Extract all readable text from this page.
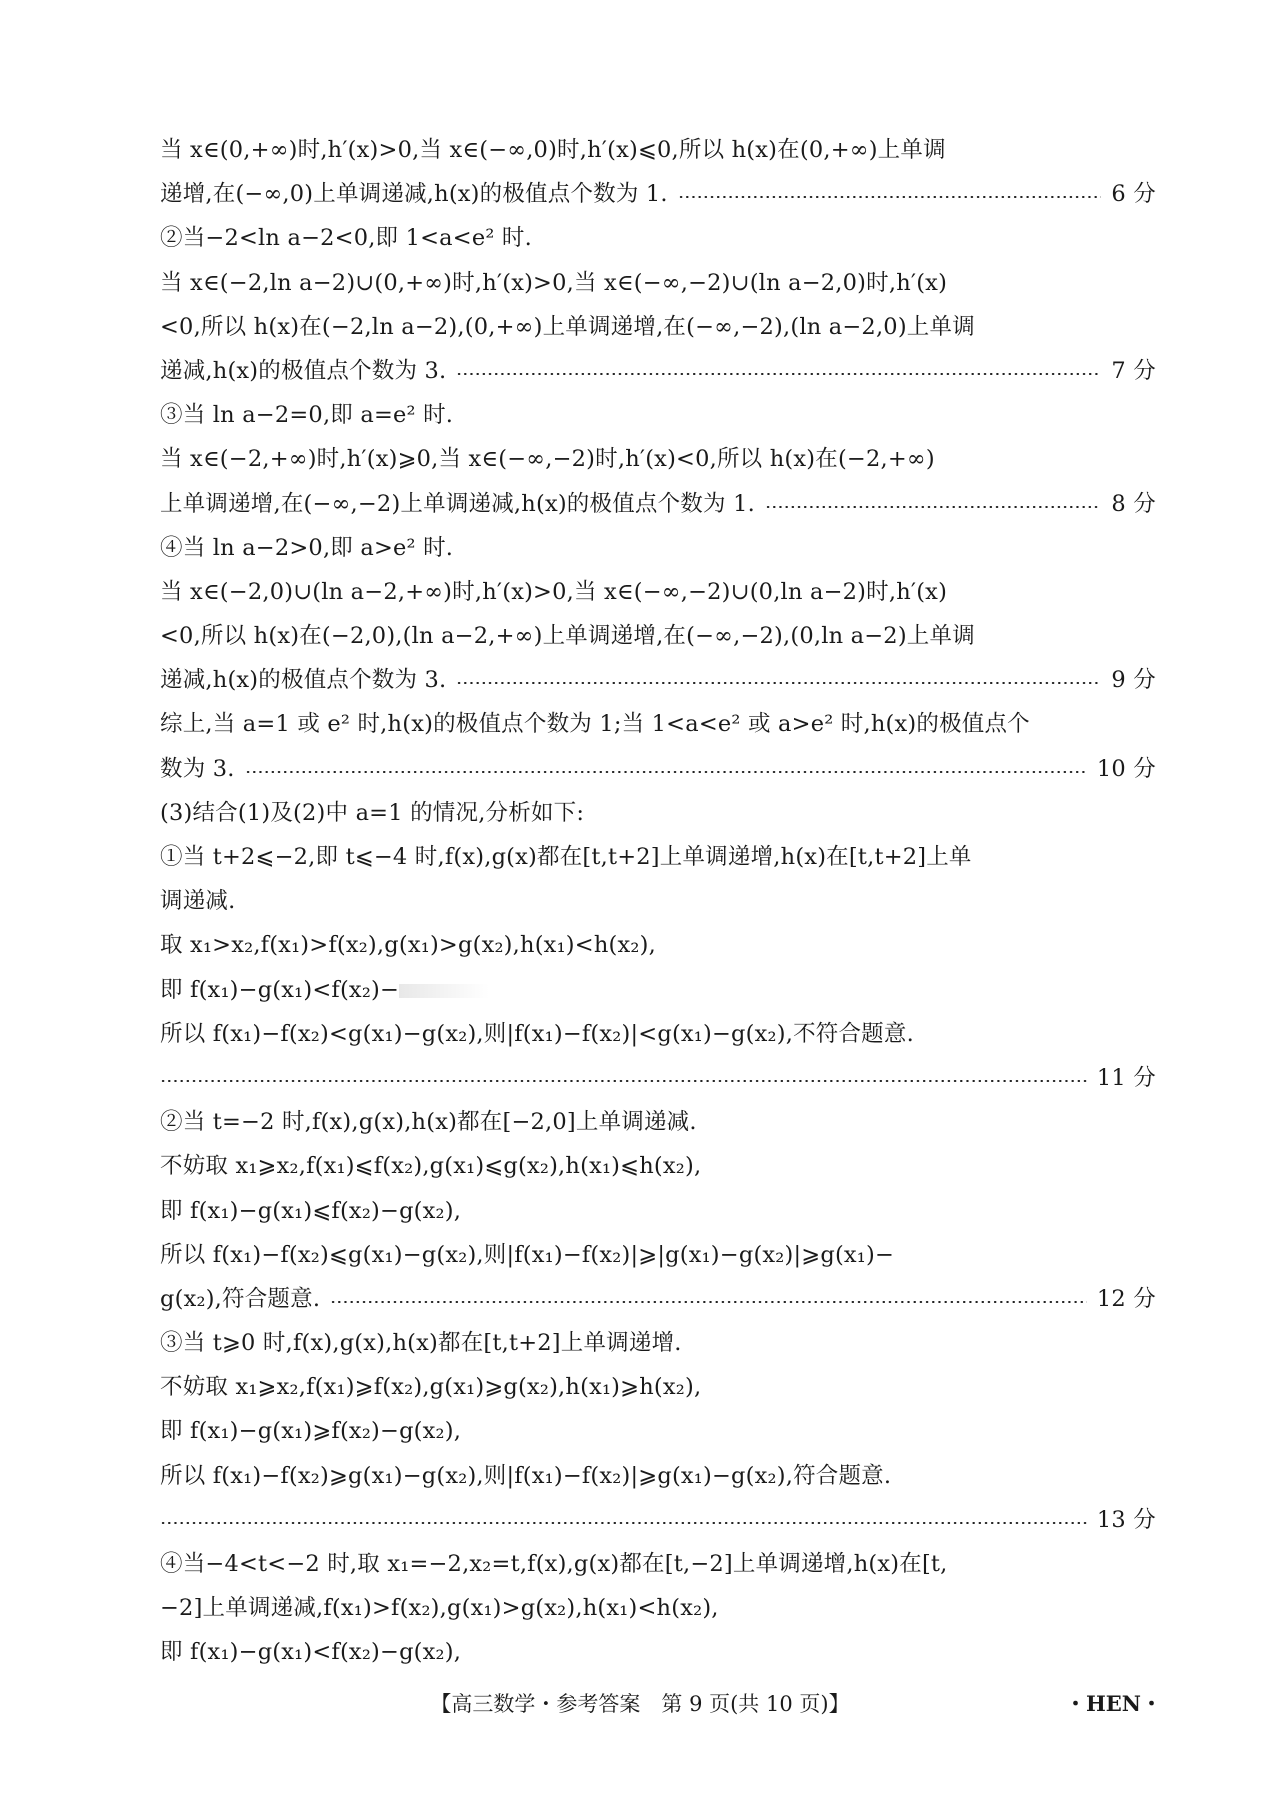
当 x∈(0,+∞)时,h′(x)>0,当 x∈(−∞,0)时,h′(x)⩽0,所以 h(x)在(0,+∞)上单调
递增,在(−∞,0)上单调递减,h(x)的极值点个数为 1.	6 分
②当−2<ln a−2<0,即 1<a<e² 时.
当 x∈(−2,ln a−2)∪(0,+∞)时,h′(x)>0,当 x∈(−∞,−2)∪(ln a−2,0)时,h′(x)
<0,所以 h(x)在(−2,ln a−2),(0,+∞)上单调递增,在(−∞,−2),(ln a−2,0)上单调
递减,h(x)的极值点个数为 3.	7 分
③当 ln a−2=0,即 a=e² 时.
当 x∈(−2,+∞)时,h′(x)⩾0,当 x∈(−∞,−2)时,h′(x)<0,所以 h(x)在(−2,+∞)
上单调递增,在(−∞,−2)上单调递减,h(x)的极值点个数为 1.	8 分
④当 ln a−2>0,即 a>e² 时.
当 x∈(−2,0)∪(ln a−2,+∞)时,h′(x)>0,当 x∈(−∞,−2)∪(0,ln a−2)时,h′(x)
<0,所以 h(x)在(−2,0),(ln a−2,+∞)上单调递增,在(−∞,−2),(0,ln a−2)上单调
递减,h(x)的极值点个数为 3.	9 分
综上,当 a=1 或 e² 时,h(x)的极值点个数为 1;当 1<a<e² 或 a>e² 时,h(x)的极值点个
数为 3.	10 分
(3)结合(1)及(2)中 a=1 的情况,分析如下:
①当 t+2⩽−2,即 t⩽−4 时,f(x),g(x)都在[t,t+2]上单调递增,h(x)在[t,t+2]上单
调递减.
取 x₁>x₂,f(x₁)>f(x₂),g(x₁)>g(x₂),h(x₁)<h(x₂),
即 f(x₁)−g(x₁)<f(x₂)−
所以 f(x₁)−f(x₂)<g(x₁)−g(x₂),则|f(x₁)−f(x₂)|<g(x₁)−g(x₂),不符合题意.
11 分
②当 t=−2 时,f(x),g(x),h(x)都在[−2,0]上单调递减.
不妨取 x₁⩾x₂,f(x₁)⩽f(x₂),g(x₁)⩽g(x₂),h(x₁)⩽h(x₂),
即 f(x₁)−g(x₁)⩽f(x₂)−g(x₂),
所以 f(x₁)−f(x₂)⩽g(x₁)−g(x₂),则|f(x₁)−f(x₂)|⩾|g(x₁)−g(x₂)|⩾g(x₁)−
g(x₂),符合题意.	12 分
③当 t⩾0 时,f(x),g(x),h(x)都在[t,t+2]上单调递增.
不妨取 x₁⩾x₂,f(x₁)⩾f(x₂),g(x₁)⩾g(x₂),h(x₁)⩾h(x₂),
即 f(x₁)−g(x₁)⩾f(x₂)−g(x₂),
所以 f(x₁)−f(x₂)⩾g(x₁)−g(x₂),则|f(x₁)−f(x₂)|⩾g(x₁)−g(x₂),符合题意.
13 分
④当−4<t<−2 时,取 x₁=−2,x₂=t,f(x),g(x)都在[t,−2]上单调递增,h(x)在[t,
−2]上单调递减,f(x₁)>f(x₂),g(x₁)>g(x₂),h(x₁)<h(x₂),
即 f(x₁)−g(x₁)<f(x₂)−g(x₂),
【高三数学・参考答案　第 9 页(共 10 页)】	・HEN・
